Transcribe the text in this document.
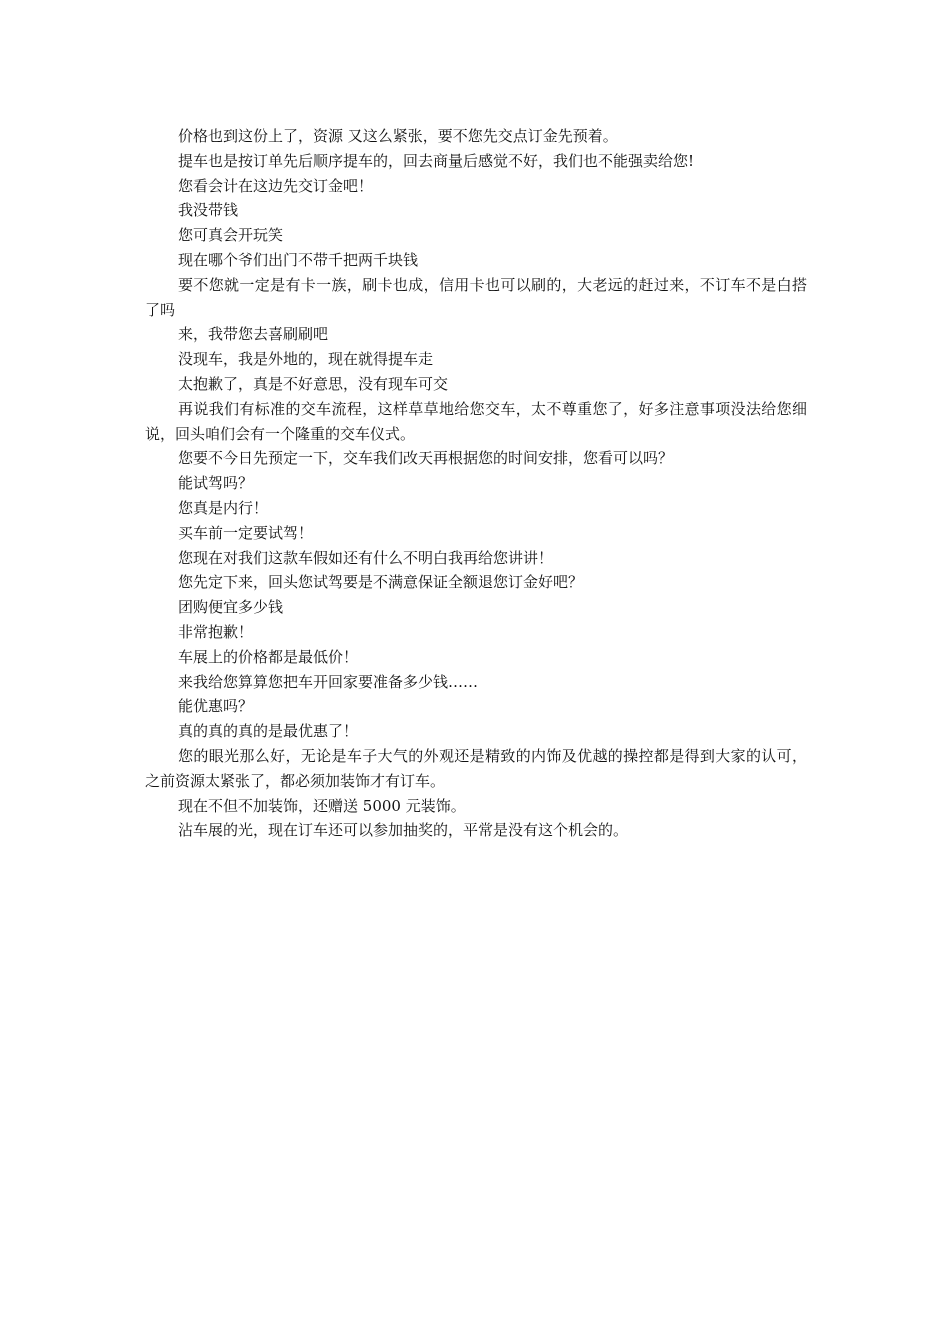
价格也到这份上了，资源 又这么紧张，要不您先交点订金先预着。

提车也是按订单先后顺序提车的，回去商量后感觉不好，我们也不能强卖给您!

您看会计在这边先交订金吧！

我没带钱

您可真会开玩笑

现在哪个爷们出门不带千把两千块钱

要不您就一定是有卡一族，刷卡也成，信用卡也可以刷的，大老远的赶过来，不订车不是白搭了吗

来，我带您去喜刷刷吧

没现车，我是外地的，现在就得提车走

太抱歉了，真是不好意思，没有现车可交

再说我们有标准的交车流程，这样草草地给您交车，太不尊重您了，好多注意事项没法给您细说，回头咱们会有一个隆重的交车仪式。

您要不今日先预定一下，交车我们改天再根据您的时间安排，您看可以吗？

能试驾吗？

您真是内行！

买车前一定要试驾！

您现在对我们这款车假如还有什么不明白我再给您讲讲！

您先定下来，回头您试驾要是不满意保证全额退您订金好吧？

团购便宜多少钱

非常抱歉！

车展上的价格都是最低价！

来我给您算算您把车开回家要准备多少钱……

能优惠吗？

真的真的真的是最优惠了！

您的眼光那么好，无论是车子大气的外观还是精致的内饰及优越的操控都是得到大家的认可，之前资源太紧张了，都必须加装饰才有订车。

现在不但不加装饰，还赠送 5000 元装饰。

沾车展的光，现在订车还可以参加抽奖的，平常是没有这个机会的。
